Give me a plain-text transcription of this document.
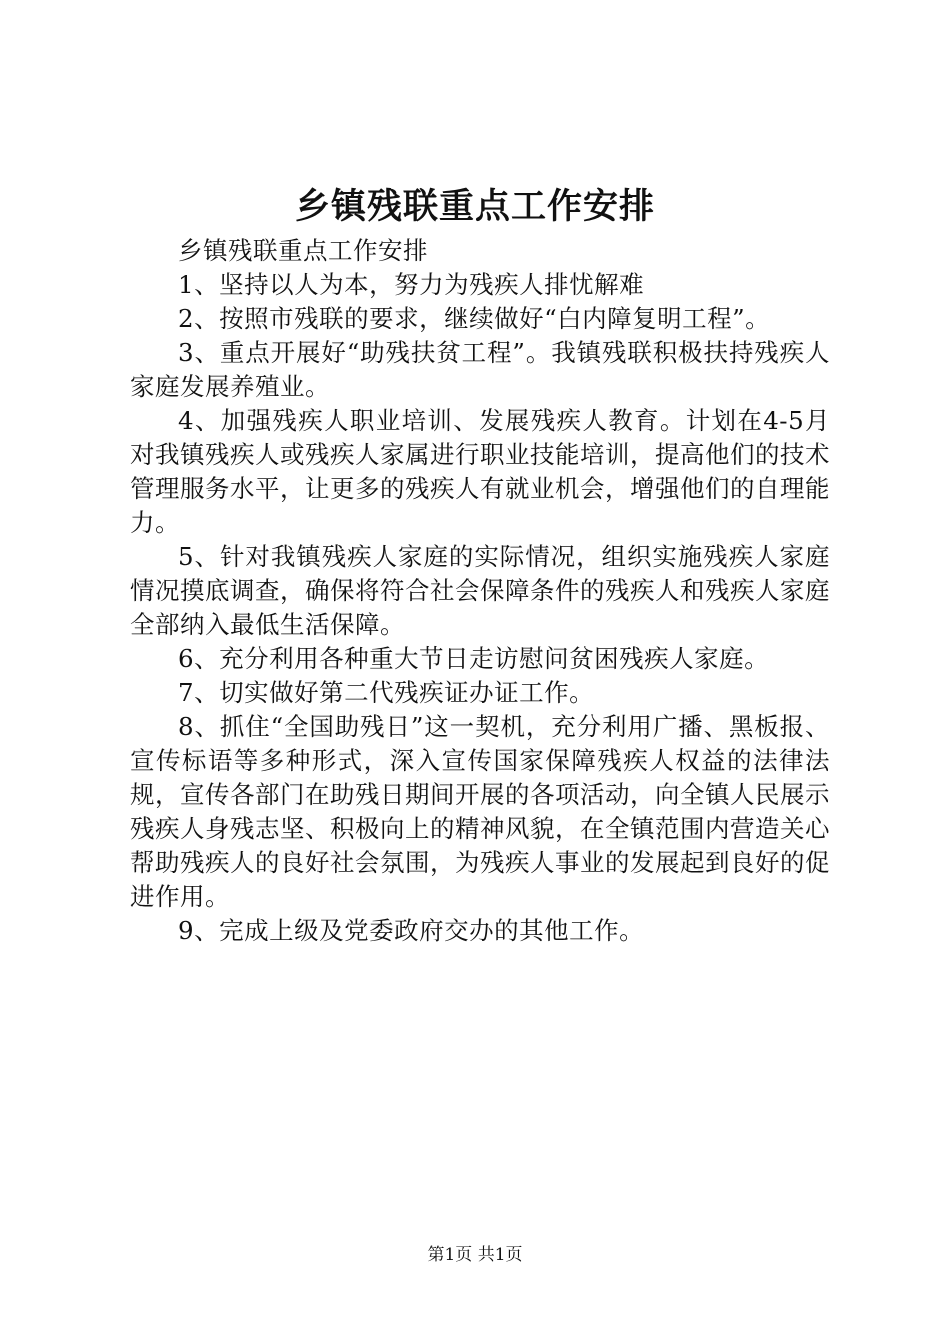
乡镇残联重点工作安排

乡镇残联重点工作安排

1、坚持以人为本，努力为残疾人排忧解难

2、按照市残联的要求，继续做好“白内障复明工程”。

3、重点开展好“助残扶贫工程”。我镇残联积极扶持残疾人家庭发展养殖业。

4、加强残疾人职业培训、发展残疾人教育。计划在4-5月对我镇残疾人或残疾人家属进行职业技能培训，提高他们的技术管理服务水平，让更多的残疾人有就业机会，增强他们的自理能力。

5、针对我镇残疾人家庭的实际情况，组织实施残疾人家庭情况摸底调查，确保将符合社会保障条件的残疾人和残疾人家庭全部纳入最低生活保障。

6、充分利用各种重大节日走访慰问贫困残疾人家庭。

7、切实做好第二代残疾证办证工作。

8、抓住“全国助残日”这一契机，充分利用广播、黑板报、宣传标语等多种形式，深入宣传国家保障残疾人权益的法律法规，宣传各部门在助残日期间开展的各项活动，向全镇人民展示残疾人身残志坚、积极向上的精神风貌，在全镇范围内营造关心帮助残疾人的良好社会氛围，为残疾人事业的发展起到良好的促进作用。

9、完成上级及党委政府交办的其他工作。

第1页 共1页
